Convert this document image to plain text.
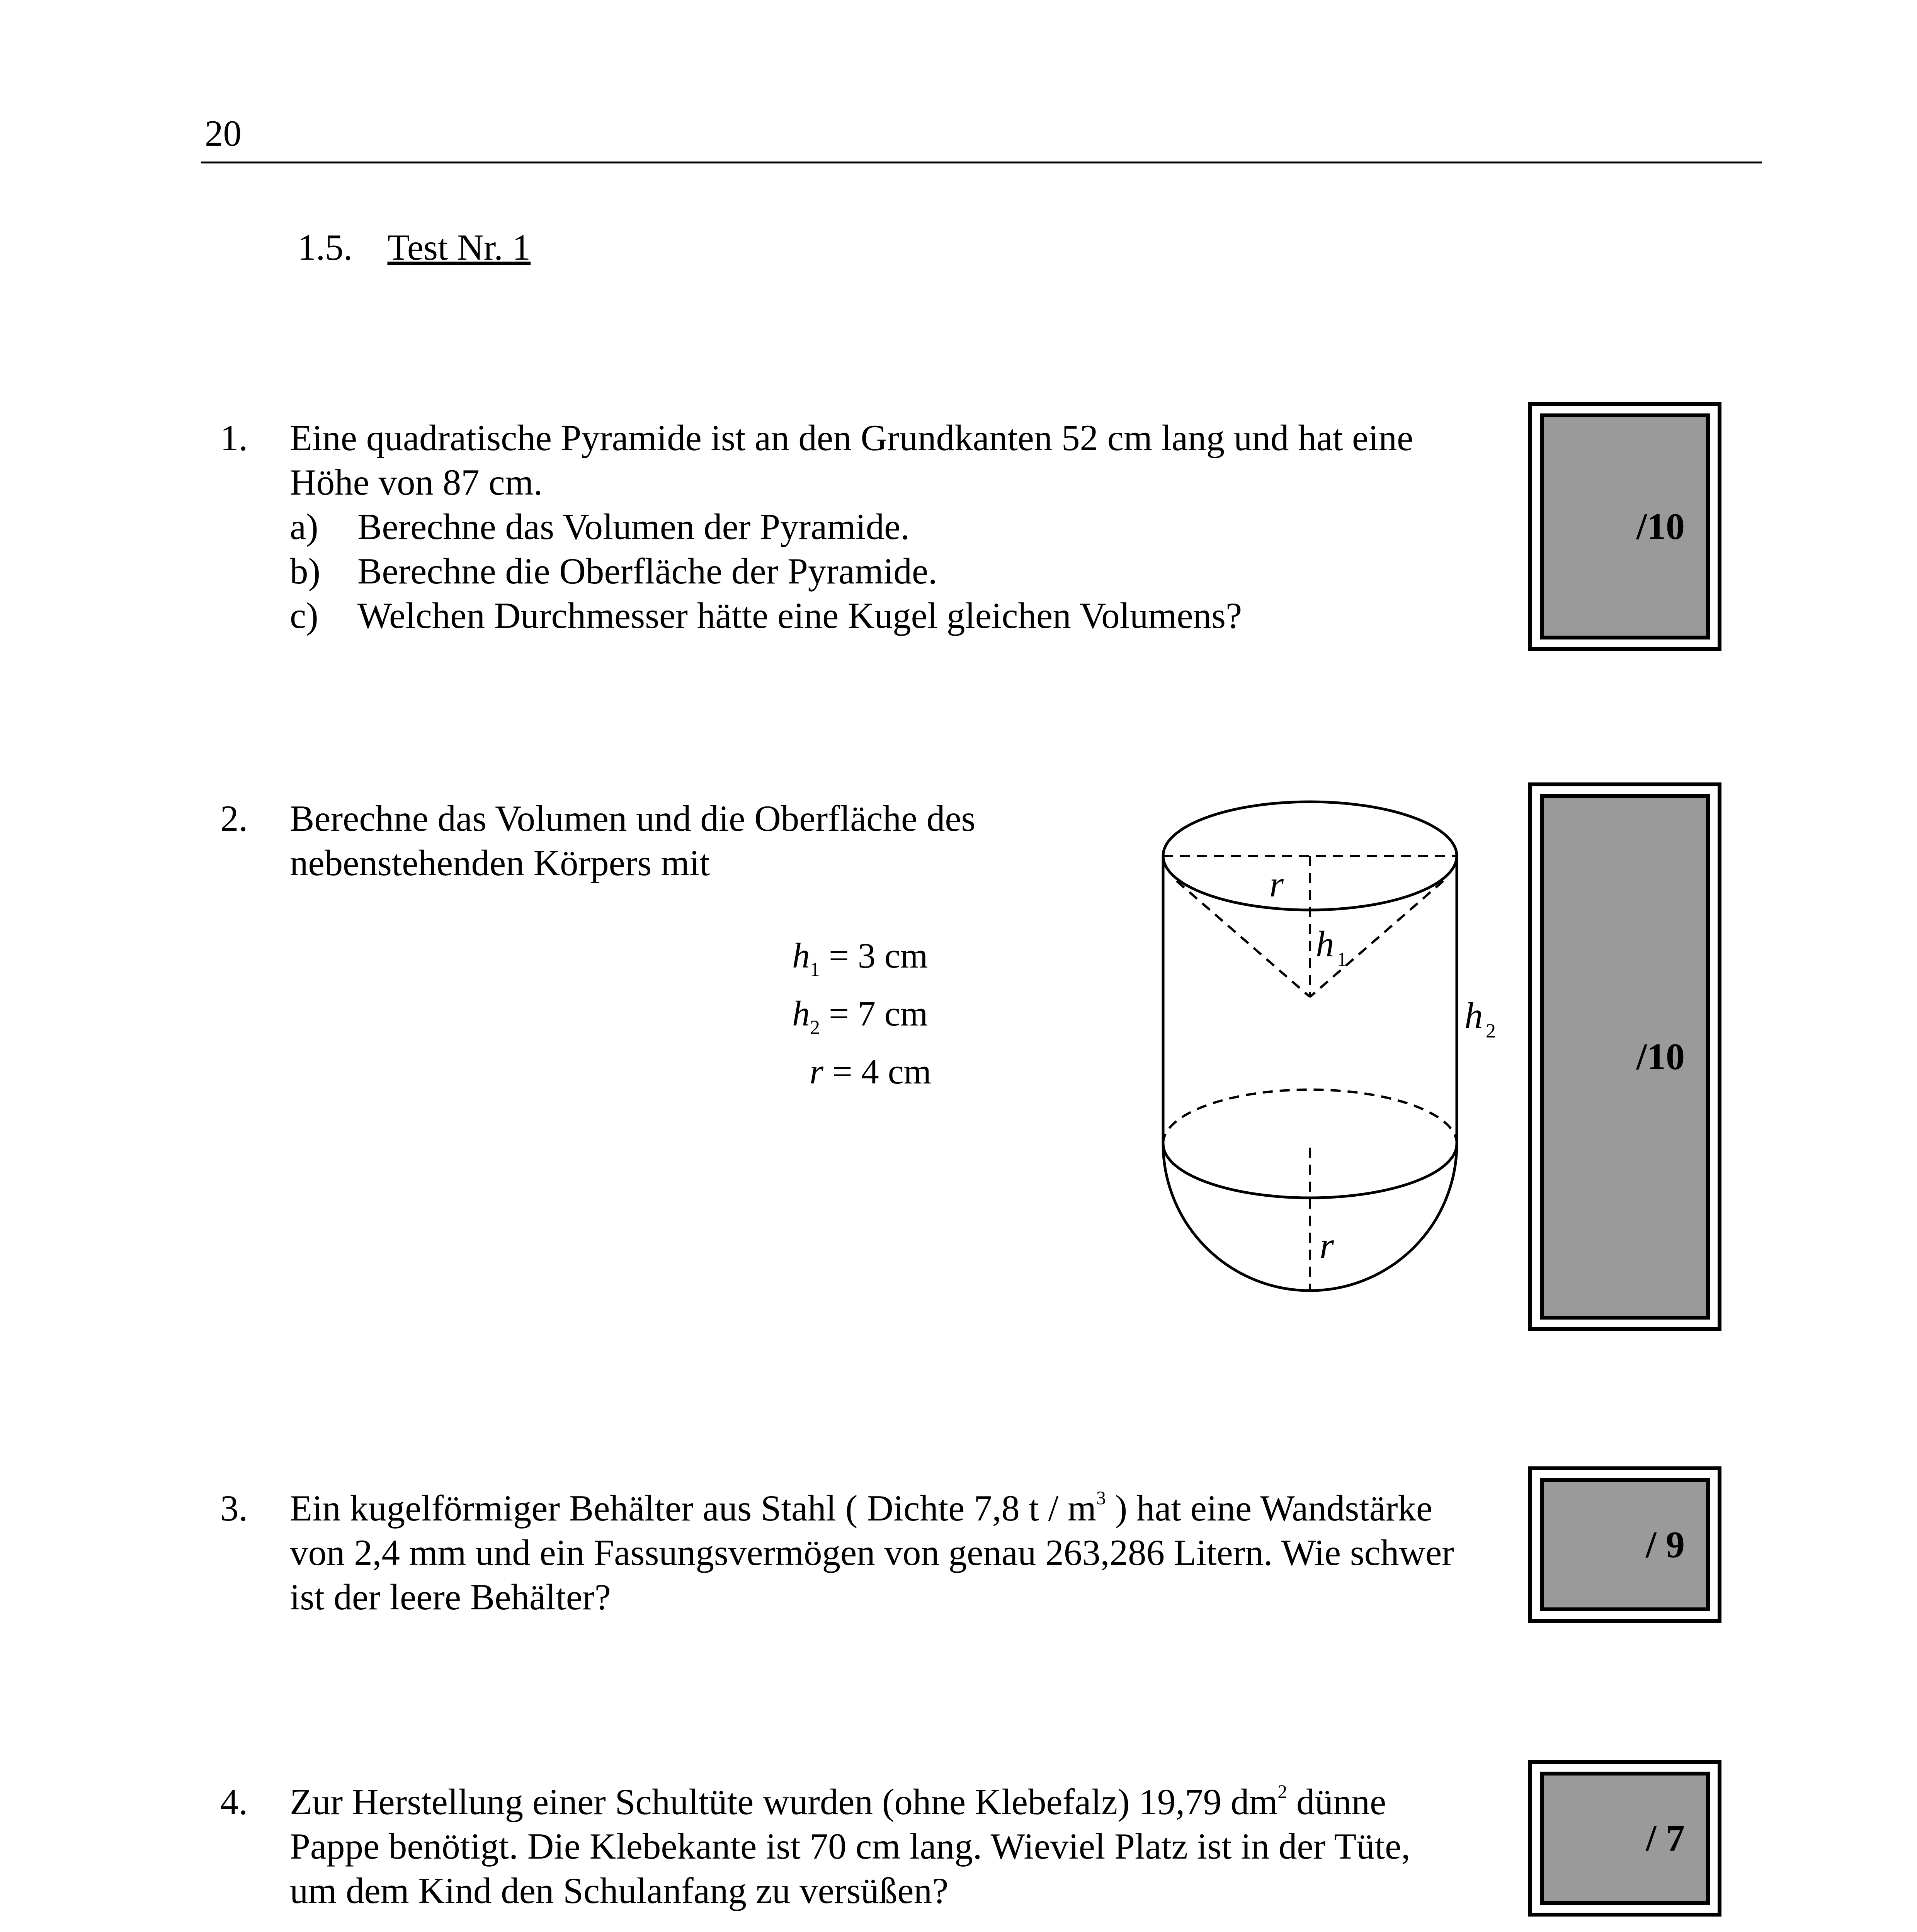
20
1.5. Test Nr. 1
1. Eine quadratische Pyramide ist an den Grundkanten 52 cm lang und hat eine
Höhe von 87 cm.
a) Berechne das Volumen der Pyramide.
b) Berechne die Oberfläche der Pyramide.
c) Welchen Durchmesser hätte eine Kugel gleichen Volumens?
/10
2. Berechne das Volumen und die Oberfläche des
nebenstehenden Körpers mit
$h_1 = 3$ cm
$h_2 = 7$ cm
r = 4 cm
r
h 1
h 2
r
/10
3. Ein kugelförmiger Behälter aus Stahl ( Dichte 7,8 t / $m^3$ ) hat eine Wandstärke
von 2,4 mm und ein Fassungsvermögen von genau 263,286 Litern. Wie schwer
ist der leere Behälter?
/ 9
4. Zur Herstellung einer Schultüte wurden (ohne Klebefalz) 19,79 $dm^2$ dünne
Pappe benötigt. Die Klebekante ist 70 cm lang. Wieviel Platz ist in der Tüte,
um dem Kind den Schulanfang zu versüßen?
/ 7
